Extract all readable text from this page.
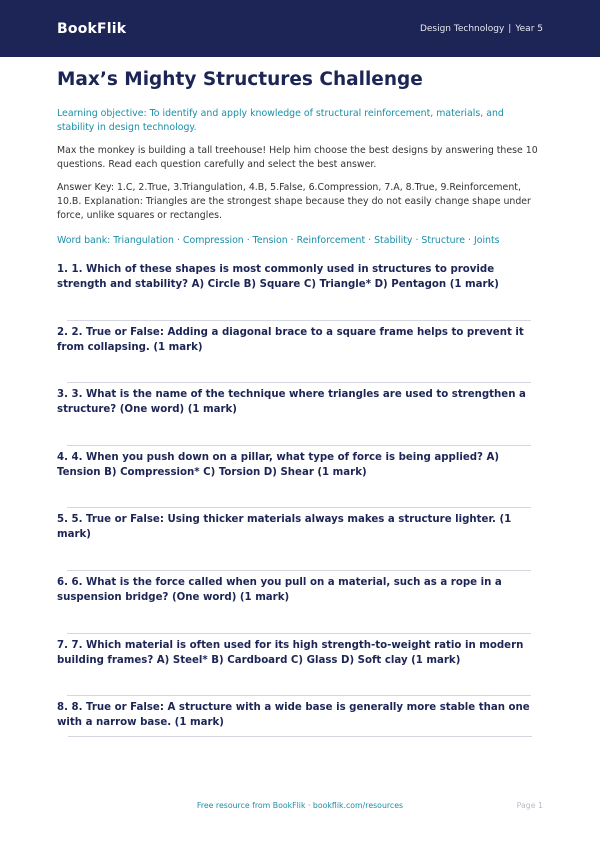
BookFlik	Design Technology | Year 5
Max’s Mighty Structures Challenge

Learning objective: To identify and apply knowledge of structural reinforcement, materials, and stability in design technology.

Max the monkey is building a tall treehouse! Help him choose the best designs by answering these 10 questions. Read each question carefully and select the best answer.

Answer Key: 1.C, 2.True, 3.Triangulation, 4.B, 5.False, 6.Compression, 7.A, 8.True, 9.Reinforcement, 10.B. Explanation: Triangles are the strongest shape because they do not easily change shape under force, unlike squares or rectangles.

Word bank: Triangulation · Compression · Tension · Reinforcement · Stability · Structure · Joints

1. 1. Which of these shapes is most commonly used in structures to provide strength and stability? A) Circle B) Square C) Triangle* D) Pentagon (1 mark)

2. 2. True or False: Adding a diagonal brace to a square frame helps to prevent it from collapsing. (1 mark)

3. 3. What is the name of the technique where triangles are used to strengthen a structure? (One word) (1 mark)

4. 4. When you push down on a pillar, what type of force is being applied? A) Tension B) Compression* C) Torsion D) Shear (1 mark)

5. 5. True or False: Using thicker materials always makes a structure lighter. (1 mark)

6. 6. What is the force called when you pull on a material, such as a rope in a suspension bridge? (One word) (1 mark)

7. 7. Which material is often used for its high strength-to-weight ratio in modern building frames? A) Steel* B) Cardboard C) Glass D) Soft clay (1 mark)

8. 8. True or False: A structure with a wide base is generally more stable than one with a narrow base. (1 mark)

Free resource from BookFlik · bookflik.com/resources	Page 1
